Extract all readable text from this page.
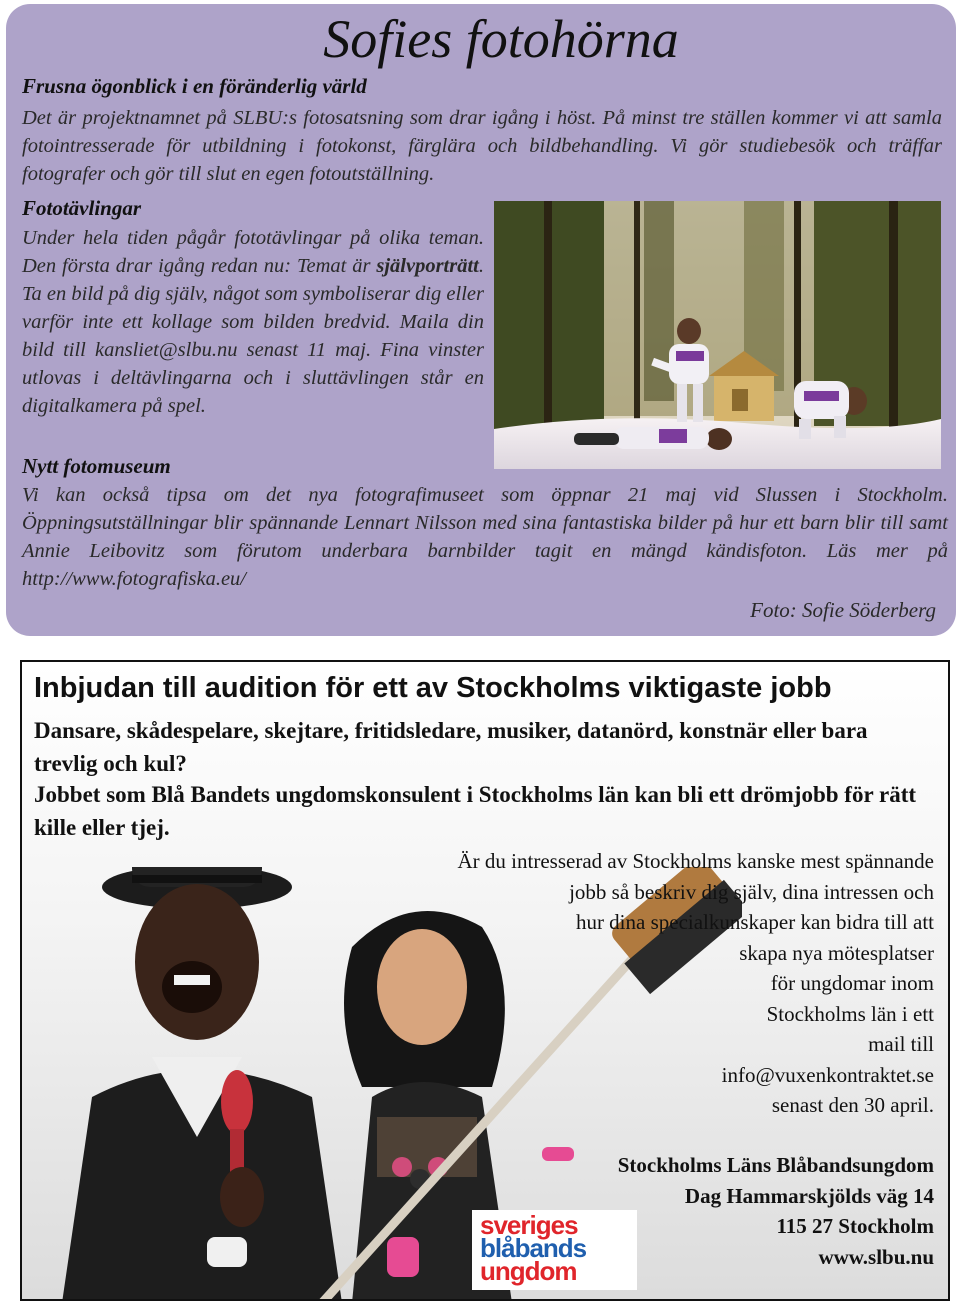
Sofies fotohörna
Frusna ögonblick i en föränderlig värld
Det är projektnamnet på SLBU:s fotosatsning som drar igång i höst. På minst tre ställen kommer vi att samla fotointresserade för utbildning i fotokonst, färglära och bildbehandling. Vi gör studiebesök och träffar fotografer och gör till slut en egen fotoutställning.
Fototävlingar
Under hela tiden pågår fototävlingar på olika teman. Den första drar igång redan nu: Temat är självporträtt. Ta en bild på dig själv, något som symboliserar dig eller varför inte ett kollage som bilden bredvid. Maila din bild till kansliet@slbu.nu senast 11 maj. Fina vinster utlovas i deltävlingarna och i sluttävlingen står en digitalkamera på spel.
Nytt fotomuseum
Vi kan också tipsa om det nya fotografimuseet som öppnar 21 maj vid Slussen i Stockholm. Öppningsutställningar blir spännande Lennart Nilsson med sina fantastiska bilder på hur ett barn blir till samt Annie Leibovitz som förutom underbara barnbilder tagit en mängd kändisfoton. Läs mer på http://www.fotografiska.eu/
Foto: Sofie Söderberg
Inbjudan till audition för ett av Stockholms viktigaste jobb
Dansare, skådespelare, skejtare, fritidsledare, musiker, datanörd, konstnär eller bara trevlig och kul?
Jobbet som Blå Bandets ungdomskonsulent i Stockholms län kan bli ett drömjobb för rätt kille eller tjej.
Är du intresserad av Stockholms kanske mest spännande
jobb så beskriv dig själv, dina intressen och
hur dina specialkunskaper kan bidra till att
skapa nya mötesplatser
för ungdomar inom
Stockholms län i ett
mail till
info@vuxenkontraktet.se
senast den 30 april.
Stockholms Läns Blåbandsungdom
Dag Hammarskjölds väg 14
115 27 Stockholm
www.slbu.nu
sveriges
blåbands
ungdom
